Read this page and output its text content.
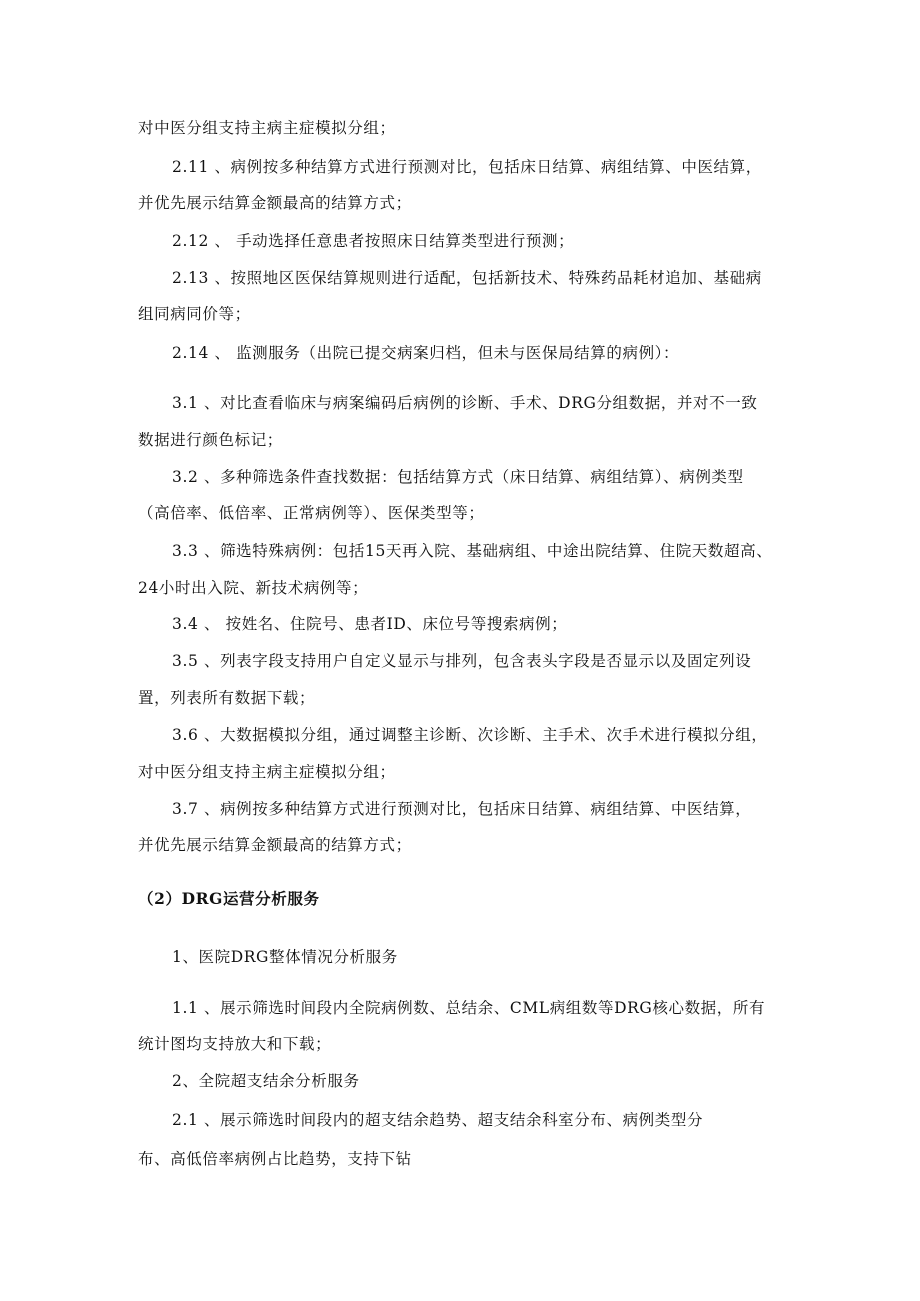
对中医分组支持主病主症模拟分组；
2.11 、病例按多种结算方式进行预测对比，包括床日结算、病组结算、中医结算，
并优先展示结算金额最高的结算方式；
2.12 、 手动选择任意患者按照床日结算类型进行预测；
2.13 、按照地区医保结算规则进行适配，包括新技术、特殊药品耗材追加、基础病
组同病同价等；
2.14 、 监测服务（出院已提交病案归档，但未与医保局结算的病例）：
3.1 、对比查看临床与病案编码后病例的诊断、手术、DRG分组数据，并对不一致
数据进行颜色标记；
3.2 、多种筛选条件查找数据：包括结算方式（床日结算、病组结算）、病例类型
（高倍率、低倍率、正常病例等）、医保类型等；
3.3 、筛选特殊病例：包括15天再入院、基础病组、中途出院结算、住院天数超高、
24小时出入院、新技术病例等；
3.4 、 按姓名、住院号、患者ID、床位号等搜索病例；
3.5 、列表字段支持用户自定义显示与排列，包含表头字段是否显示以及固定列设
置，列表所有数据下载；
3.6 、大数据模拟分组，通过调整主诊断、次诊断、主手术、次手术进行模拟分组，
对中医分组支持主病主症模拟分组；
3.7 、病例按多种结算方式进行预测对比，包括床日结算、病组结算、中医结算，
并优先展示结算金额最高的结算方式；
（2）DRG运营分析服务
1、医院DRG整体情况分析服务
1.1 、展示筛选时间段内全院病例数、总结余、CML病组数等DRG核心数据，所有
统计图均支持放大和下载；
2、全院超支结余分析服务
2.1 、展示筛选时间段内的超支结余趋势、超支结余科室分布、病例类型分
布、高低倍率病例占比趋势，支持下钻
